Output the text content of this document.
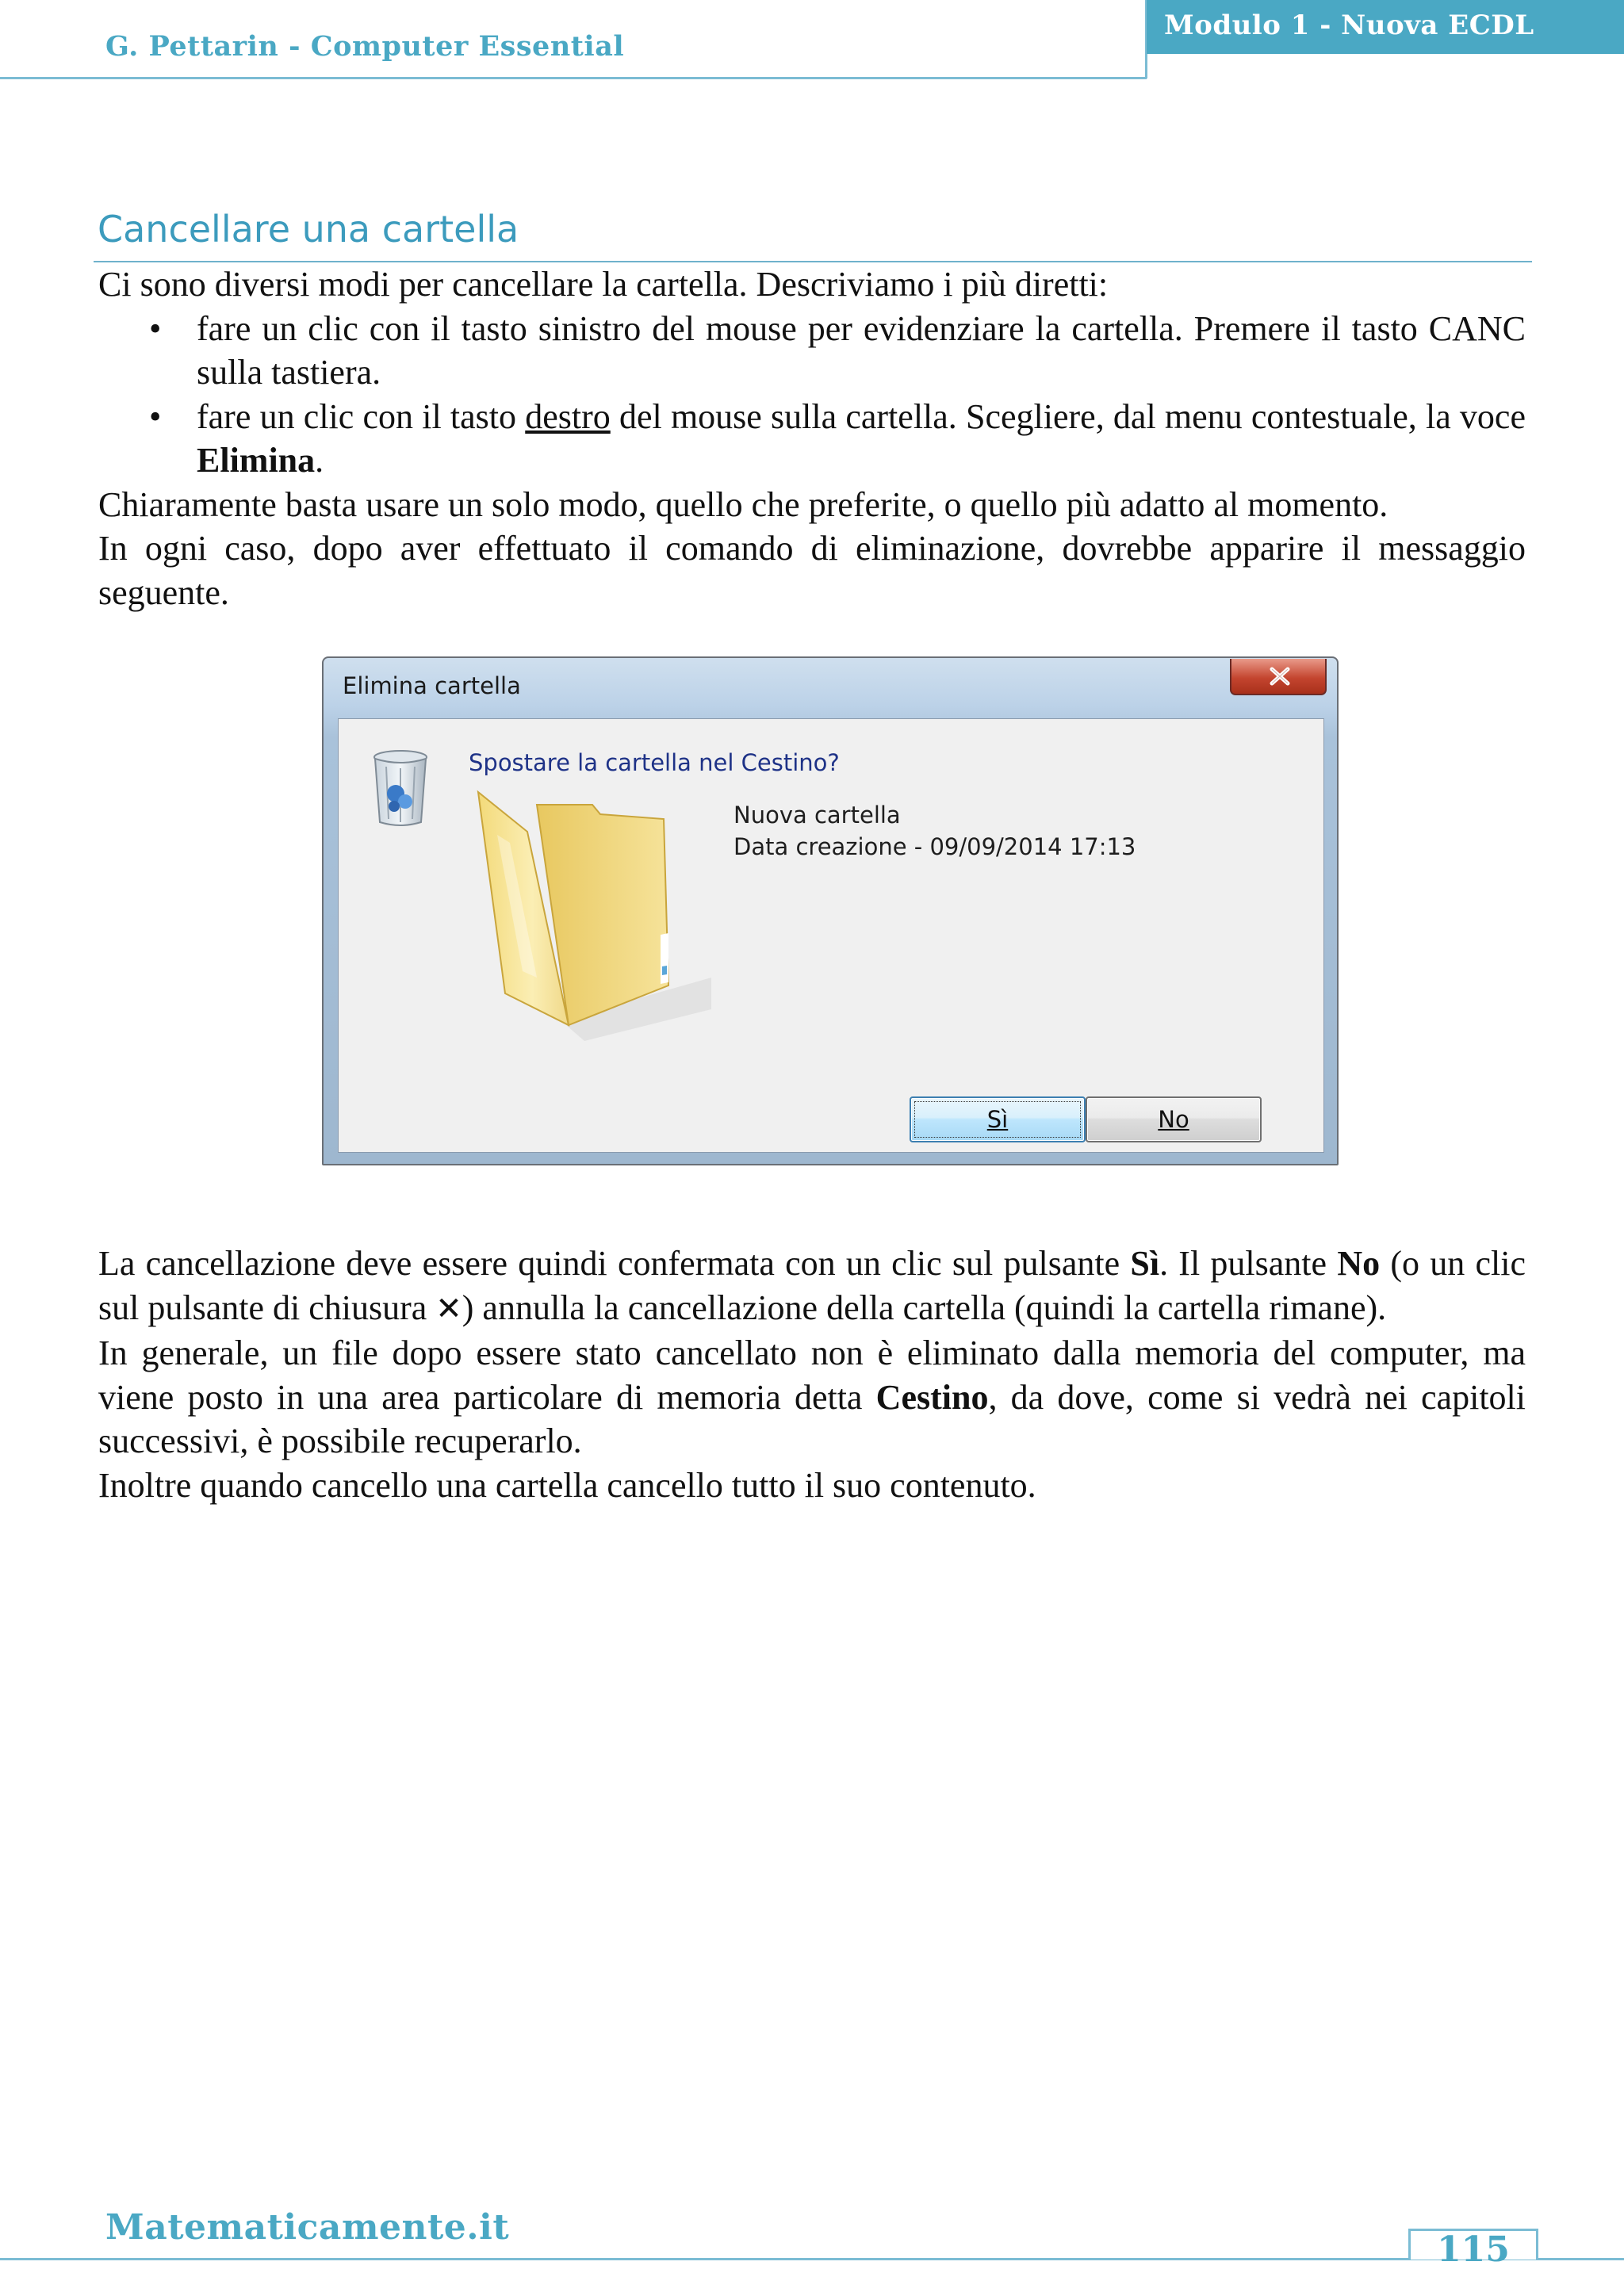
G. Pettarin - Computer Essential
Modulo 1 - Nuova ECDL
Cancellare una cartella

Ci sono diversi modi per cancellare la cartella. Descriviamo i più diretti:

• fare un clic con il tasto sinistro del mouse per evidenziare la cartella. Premere il tasto CANC sulla tastiera.
• fare un clic con il tasto destro del mouse sulla cartella. Scegliere, dal menu contestuale, la voce Elimina.

Chiaramente basta usare un solo modo, quello che preferite, o quello più adatto al momento.

In ogni caso, dopo aver effettuato il comando di eliminazione, dovrebbe apparire il messaggio seguente.

Elimina cartella
Spostare la cartella nel Cestino?
Nuova cartella
Data creazione - 09/09/2014 17:13
Sì	No

La cancellazione deve essere quindi confermata con un clic sul pulsante Sì. Il pulsante No (o un clic sul pulsante di chiusura ✕) annulla la cancellazione della cartella (quindi la cartella rimane).

In generale, un file dopo essere stato cancellato non è eliminato dalla memoria del computer, ma viene posto in una area particolare di memoria detta Cestino, da dove, come si vedrà nei capitoli successivi, è possibile recuperarlo.

Inoltre quando cancello una cartella cancello tutto il suo contenuto.

Matematicamente.it
115
